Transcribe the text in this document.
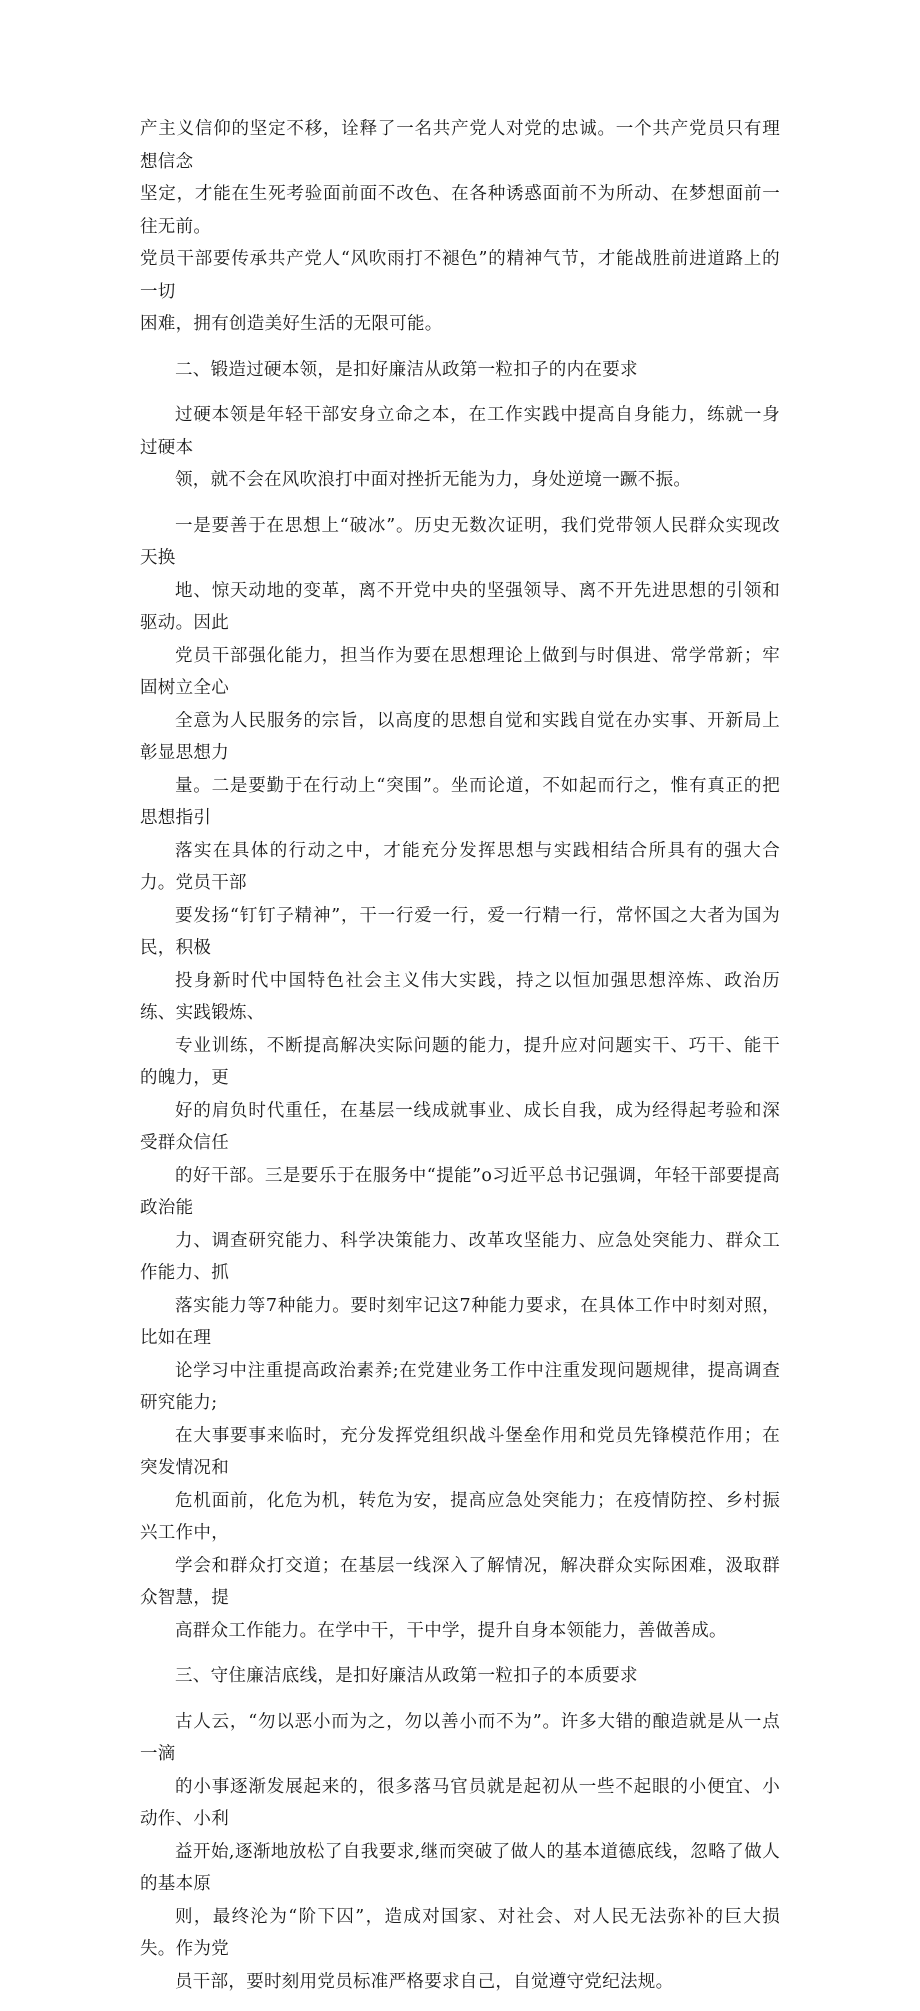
产主义信仰的坚定不移，诠释了一名共产党人对党的忠诚。一个共产党员只有理想信念
坚定，才能在生死考验面前面不改色、在各种诱惑面前不为所动、在梦想面前一往无前。
党员干部要传承共产党人“风吹雨打不褪色”的精神气节，才能战胜前进道路上的一切
困难，拥有创造美好生活的无限可能。

二、锻造过硬本领，是扣好廉洁从政第一粒扣子的内在要求

过硬本领是年轻干部安身立命之本，在工作实践中提高自身能力，练就一身过硬本
领，就不会在风吹浪打中面对挫折无能为力，身处逆境一蹶不振。

一是要善于在思想上“破冰”。历史无数次证明，我们党带领人民群众实现改天换
地、惊天动地的变革，离不开党中央的坚强领导、离不开先进思想的引领和驱动。因此
党员干部强化能力，担当作为要在思想理论上做到与时俱进、常学常新；牢固树立全心
全意为人民服务的宗旨，以高度的思想自觉和实践自觉在办实事、开新局上彰显思想力
量。二是要勤于在行动上“突围”。坐而论道，不如起而行之，惟有真正的把思想指引
落实在具体的行动之中，才能充分发挥思想与实践相结合所具有的强大合力。党员干部
要发扬“钉钉子精神”，干一行爱一行，爱一行精一行，常怀国之大者为国为民，积极
投身新时代中国特色社会主义伟大实践，持之以恒加强思想淬炼、政治历练、实践锻炼、
专业训练，不断提高解决实际问题的能力，提升应对问题实干、巧干、能干的魄力，更
好的肩负时代重任，在基层一线成就事业、成长自我，成为经得起考验和深受群众信任
的好干部。三是要乐于在服务中“提能”o习近平总书记强调，年轻干部要提高政治能
力、调查研究能力、科学决策能力、改革攻坚能力、应急处突能力、群众工作能力、抓
落实能力等7种能力。要时刻牢记这7种能力要求，在具体工作中时刻对照，比如在理
论学习中注重提高政治素养;在党建业务工作中注重发现问题规律，提高调查研究能力;
在大事要事来临时，充分发挥党组织战斗堡垒作用和党员先锋模范作用；在突发情况和
危机面前，化危为机，转危为安，提高应急处突能力；在疫情防控、乡村振兴工作中，
学会和群众打交道；在基层一线深入了解情况，解决群众实际困难，汲取群众智慧，提
高群众工作能力。在学中干，干中学，提升自身本领能力，善做善成。

三、守住廉洁底线，是扣好廉洁从政第一粒扣子的本质要求

古人云，“勿以恶小而为之，勿以善小而不为”。许多大错的酿造就是从一点一滴
的小事逐渐发展起来的，很多落马官员就是起初从一些不起眼的小便宜、小动作、小利
益开始,逐渐地放松了自我要求,继而突破了做人的基本道德底线，忽略了做人的基本原
则，最终沦为“阶下囚”，造成对国家、对社会、对人民无法弥补的巨大损失。作为党
员干部，要时刻用党员标准严格要求自己，自觉遵守党纪法规。
